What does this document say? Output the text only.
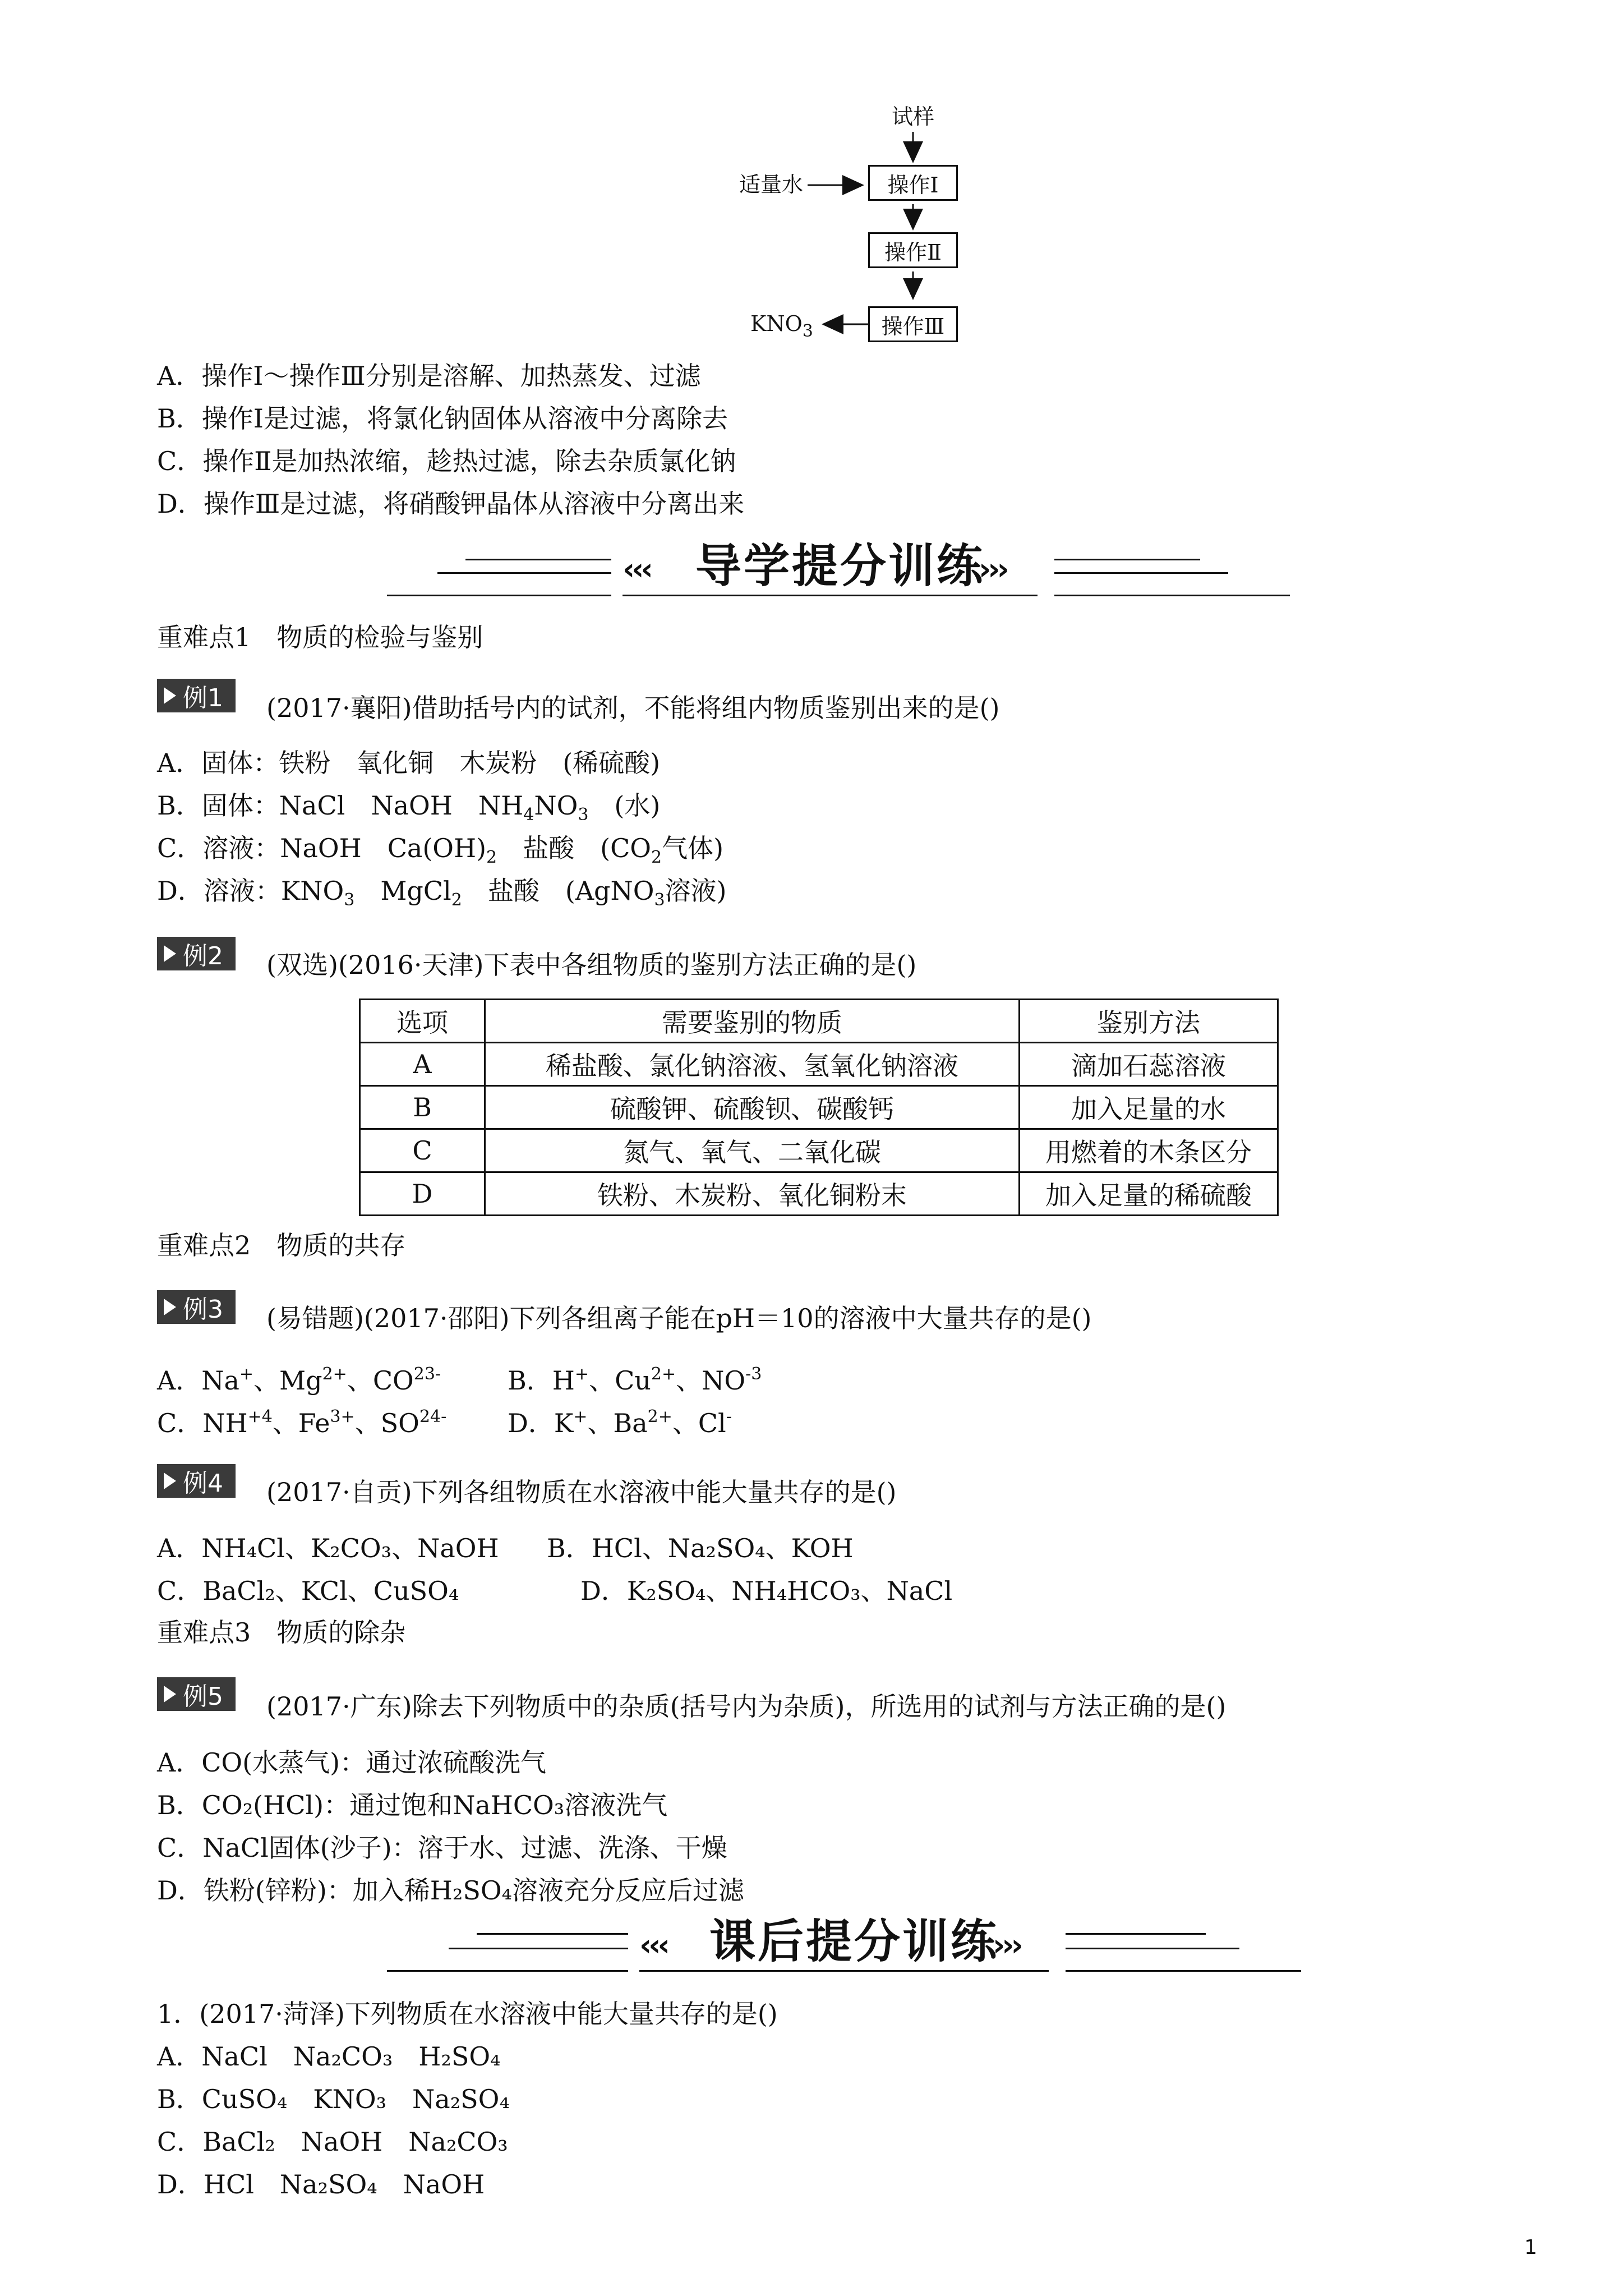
试样
适量水
$KNO_3$
操作Ⅰ
操作Ⅱ
操作Ⅲ
A．操作Ⅰ～操作Ⅲ分别是溶解、加热蒸发、过滤
B．操作Ⅰ是过滤，将氯化钠固体从溶液中分离除去
C．操作Ⅱ是加热浓缩，趁热过滤，除去杂质氯化钠
D．操作Ⅲ是过滤，将硝酸钾晶体从溶液中分离出来
‹‹‹ 导学提分训练
›››
重难点1　物质的检验与鉴别
例1 (2017·襄阳)借助括号内的试剂，不能将组内物质鉴别出来的是()
A．固体：铁粉　氧化铜　木炭粉　(稀硫酸)
B．固体：NaCl　NaOH　$NH_4NO_3$　(水)
C．溶液：NaOH　$Ca(OH)_2$　盐酸　($CO_2$气体)
D．溶液：$KNO_3$　MgCl$_2$　盐酸　(AgNO$_3$溶液)
例2 (双选)(2016·天津)下表中各组物质的鉴别方法正确的是()
选项	需要鉴别的物质	鉴别方法
A	稀盐酸、氯化钠溶液、氢氧化钠溶液	滴加石蕊溶液
B	硫酸钾、硫酸钡、碳酸钙	加入足量的水
C	氮气、氧气、二氧化碳	用燃着的木条区分
D	铁粉、木炭粉、氧化铜粉末	加入足量的稀硫酸
重难点2　物质的共存
例3 (易错题)(2017·邵阳)下列各组离子能在pH＝10的溶液中大量共存的是()
A．Na+、$Mg^{2+}$、$CO^{23-}$	B．H+、$Cu^{2+}$、$NO^{-3}$
C．$NH^{+4}$、$Fe^{3+}$、$SO^{24-}$ D．K+、$Ba^{2+}$、Cl-
例4 (2017·自贡)下列各组物质在水溶液中能大量共存的是()
A．NH₄Cl、K₂CO₃、NaOH B．HCl、Na₂SO₄、KOH
C．BaCl₂、KCl、CuSO₄	D．K₂SO₄、NH₄HCO₃、NaCl
重难点3　物质的除杂
例5 (2017·广东)除去下列物质中的杂质(括号内为杂质)，所选用的试剂与方法正确的是()
A．CO(水蒸气)：通过浓硫酸洗气
B．CO₂(HCl)：通过饱和NaHCO₃溶液洗气
C．NaCl固体(沙子)：溶于水、过滤、洗涤、干燥
D．铁粉(锌粉)：加入稀H₂SO₄溶液充分反应后过滤
‹‹‹ 课后提分训练
›››
1．(2017·菏泽)下列物质在水溶液中能大量共存的是()
A．NaCl　Na₂CO₃　H₂SO₄
B．CuSO₄　KNO₃　Na₂SO₄
C．BaCl₂　NaOH　Na₂CO₃
D．HCl　Na₂SO₄　NaOH
1
